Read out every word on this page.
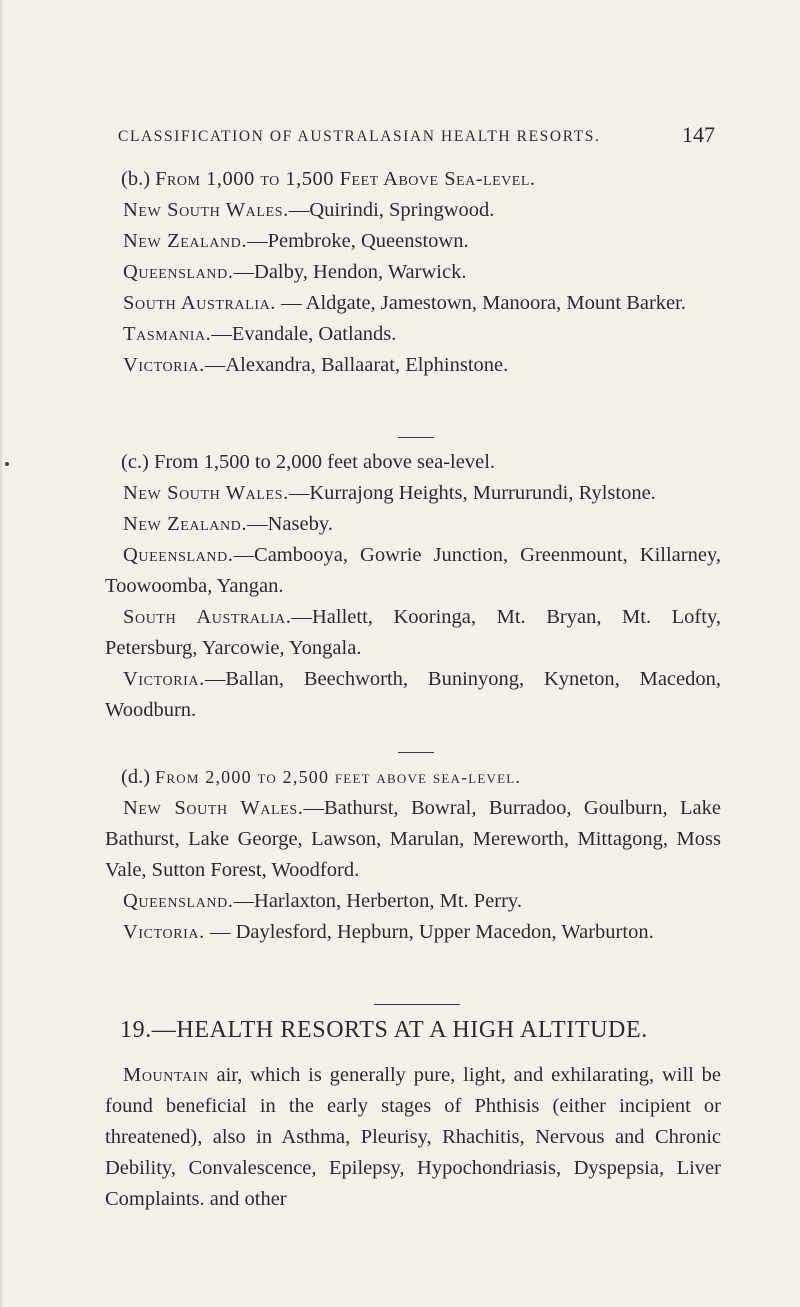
CLASSIFICATION OF AUSTRALASIAN HEALTH RESORTS.	147

(b.) From 1,000 to 1,500 Feet Above Sea-level.

New South Wales.—Quirindi, Springwood.

New Zealand.—Pembroke, Queenstown.

Queensland.—Dalby, Hendon, Warwick.

South Australia. — Aldgate, Jamestown, Manoora, Mount Barker.

Tasmania.—Evandale, Oatlands.

Victoria.—Alexandra, Ballaarat, Elphinstone.

(c.) From 1,500 to 2,000 feet above sea-level.

New South Wales.—Kurrajong Heights, Murrurundi, Rylstone.

New Zealand.—Naseby.

Queensland.—Cambooya, Gowrie Junction, Greenmount, Killarney, Toowoomba, Yangan.

South Australia.—Hallett, Kooringa, Mt. Bryan, Mt. Lofty, Petersburg, Yarcowie, Yongala.

Victoria.—Ballan, Beechworth, Buninyong, Kyneton, Macedon, Woodburn.

(d.) From 2,000 to 2,500 feet above sea-level.

New South Wales.—Bathurst, Bowral, Burradoo, Goulburn, Lake Bathurst, Lake George, Lawson, Marulan, Mereworth, Mittagong, Moss Vale, Sutton Forest, Woodford.

Queensland.—Harlaxton, Herberton, Mt. Perry.

Victoria. — Daylesford, Hepburn, Upper Macedon, Warburton.

19.—HEALTH RESORTS AT A HIGH ALTITUDE.

Mountain air, which is generally pure, light, and exhilarating, will be found beneficial in the early stages of Phthisis (either incipient or threatened), also in Asthma, Pleurisy, Rhachitis, Nervous and Chronic Debility, Convalescence, Epilepsy, Hypochondriasis, Dyspepsia, Liver Complaints. and other
